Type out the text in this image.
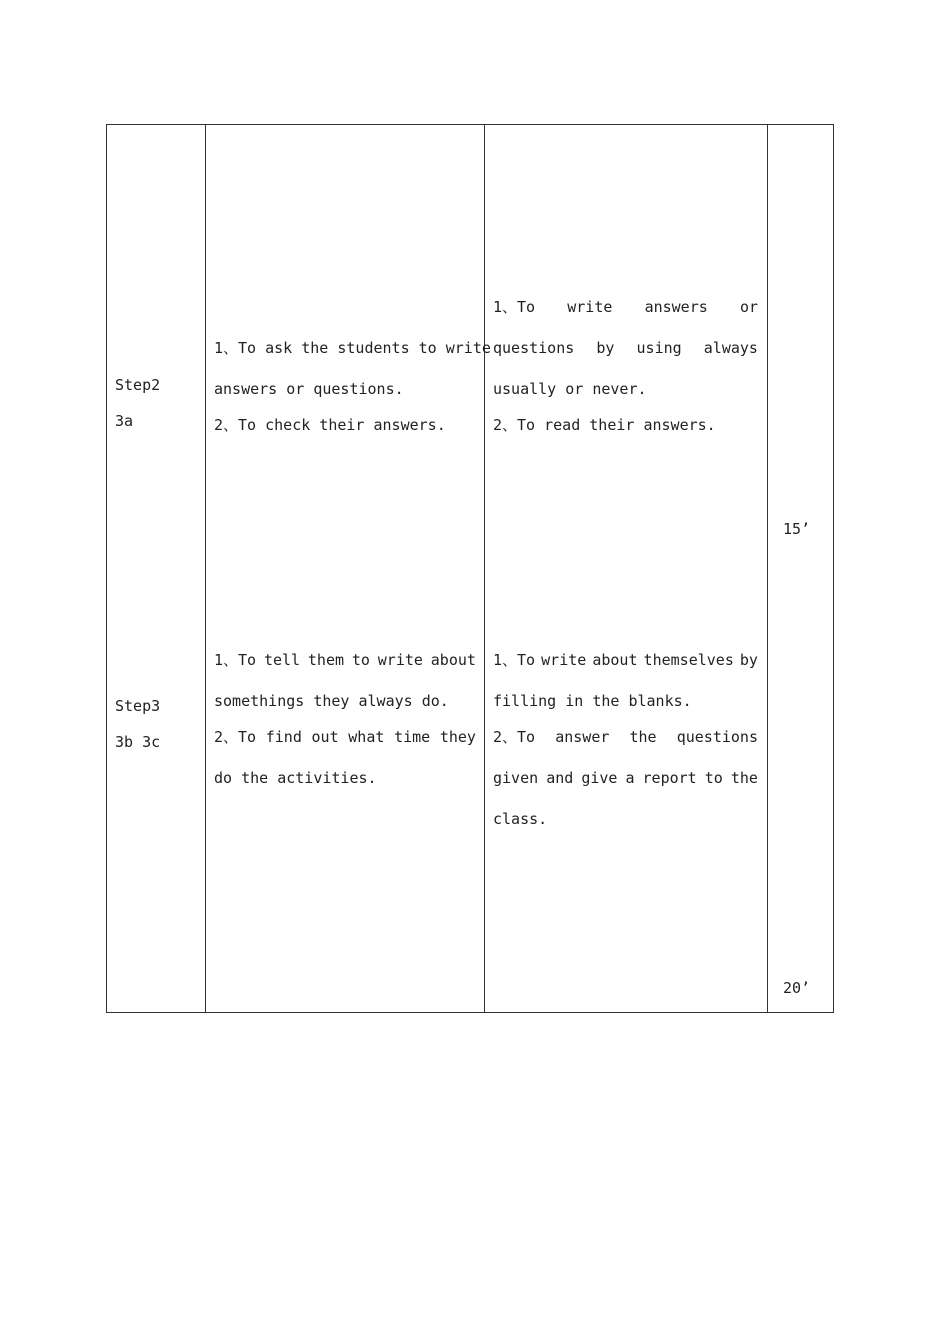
Step2
3a
1、To ask the students to write
answers or questions.
2、To check their answers.
1、To write answers or
questions by using always
usually or never.
2、To read their answers.
15’
Step3
3b 3c
1、To tell them to write about
somethings they always do.
2、To find out what time they
do the activities.
1、To write about themselves by
filling in the blanks.
2、To answer the questions
given and give a report to the
class.
20’
